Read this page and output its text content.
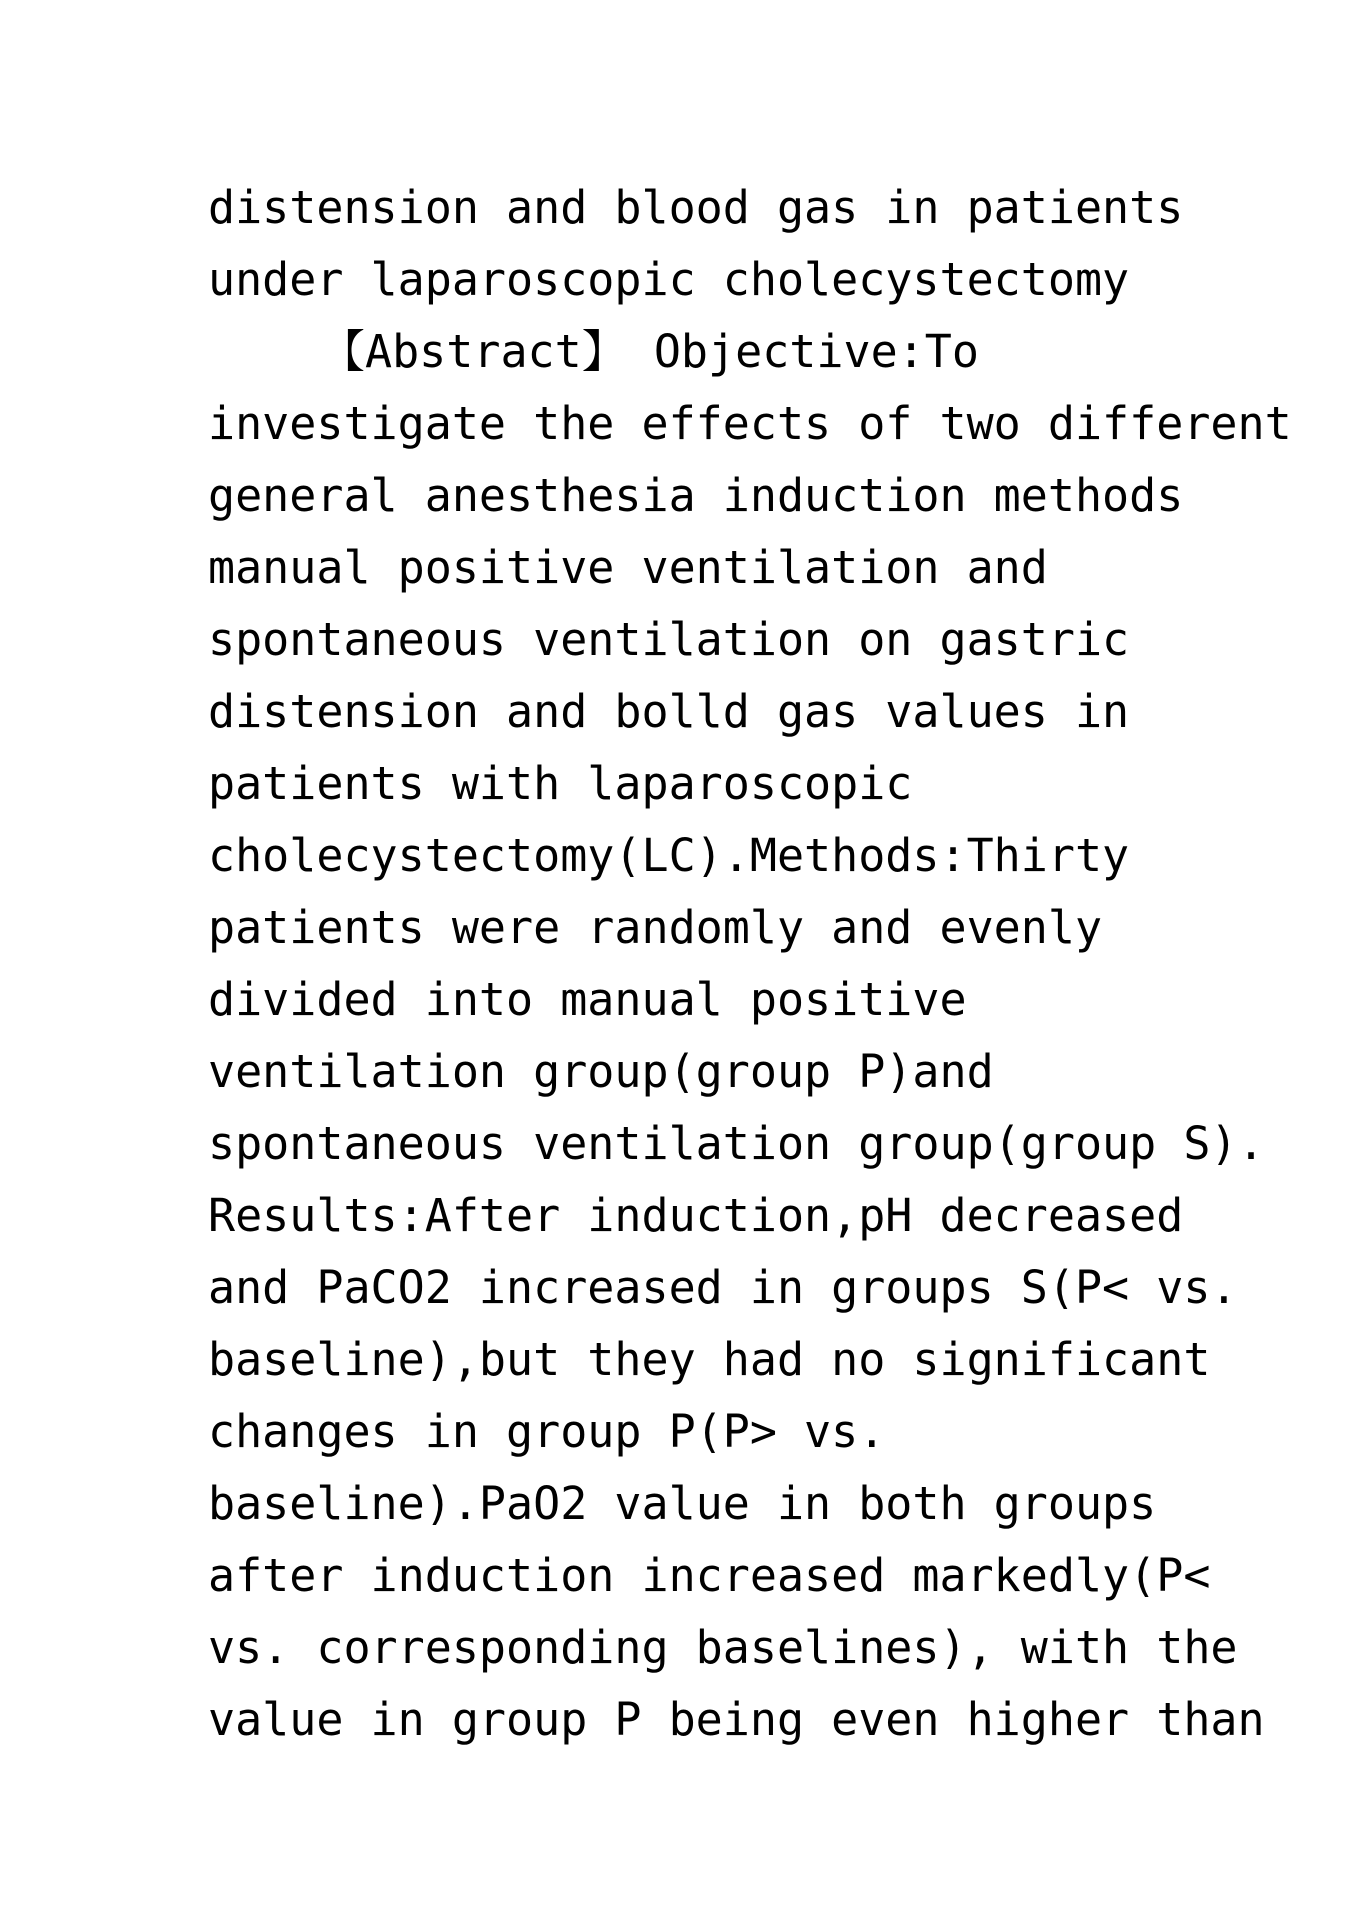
distension and blood gas in patients
under laparoscopic cholecystectomy
【Abstract】 Objective:To
investigate the effects of two different
general anesthesia induction methods
manual positive ventilation and
spontaneous ventilation on gastric
distension and bolld gas values in
patients with laparoscopic
cholecystectomy(LC).Methods:Thirty
patients were randomly and evenly
divided into manual positive
ventilation group(group P)and
spontaneous ventilation group(group S).
Results:After induction,pH decreased
and PaCO2 increased in groups S(P< vs.
baseline),but they had no significant
changes in group P(P> vs.
baseline).PaO2 value in both groups
after induction increased markedly(P<
vs. corresponding baselines), with the
value in group P being even higher than
